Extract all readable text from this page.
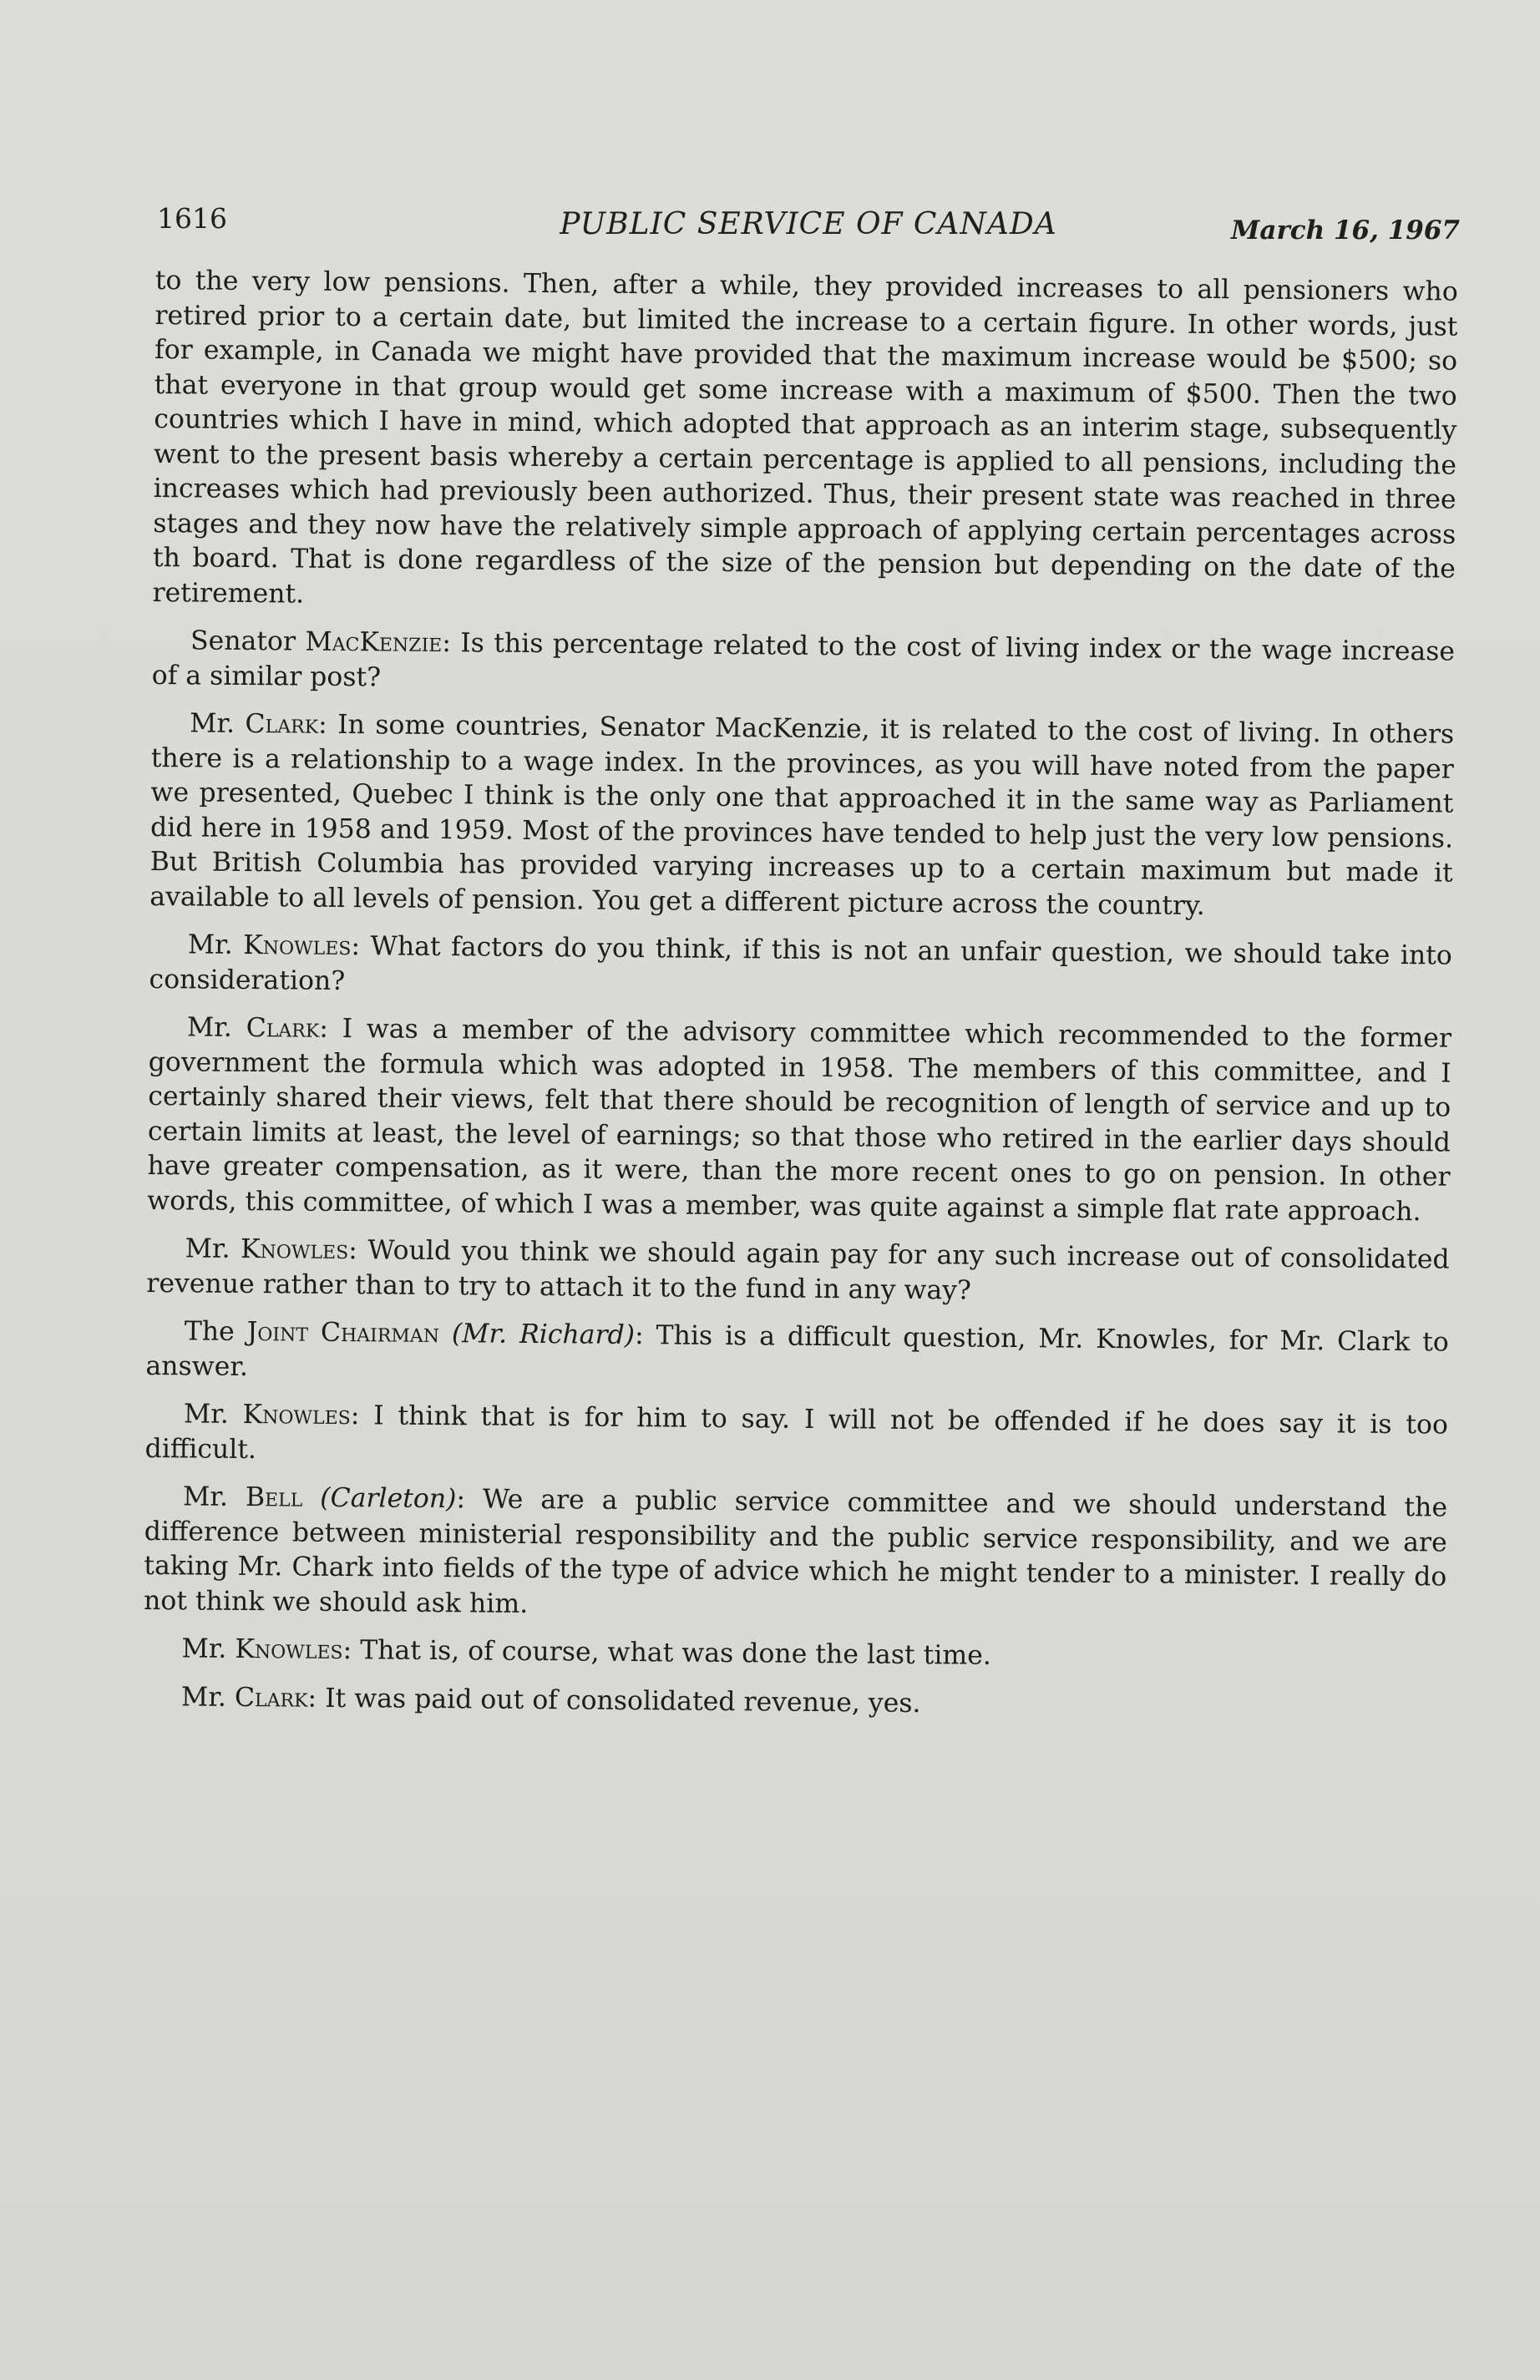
1616	PUBLIC SERVICE OF CANADA	March 16, 1967

to the very low pensions. Then, after a while, they provided increases to all pensioners who retired prior to a certain date, but limited the increase to a certain figure. In other words, just for example, in Canada we might have provided that the maximum increase would be $500; so that everyone in that group would get some increase with a maximum of $500. Then the two countries which I have in mind, which adopted that approach as an interim stage, subsequently went to the present basis whereby a certain percentage is applied to all pensions, including the increases which had previously been authorized. Thus, their present state was reached in three stages and they now have the relatively simple approach of applying certain percentages across th board. That is done regardless of the size of the pension but depending on the date of the retirement.

Senator MacKenzie: Is this percentage related to the cost of living index or the wage increase of a similar post?

Mr. Clark: In some countries, Senator MacKenzie, it is related to the cost of living. In others there is a relationship to a wage index. In the provinces, as you will have noted from the paper we presented, Quebec I think is the only one that approached it in the same way as Parliament did here in 1958 and 1959. Most of the provinces have tended to help just the very low pensions. But British Columbia has provided varying increases up to a certain maximum but made it available to all levels of pension. You get a different picture across the country.

Mr. Knowles: What factors do you think, if this is not an unfair question, we should take into consideration?

Mr. Clark: I was a member of the advisory committee which recommended to the former government the formula which was adopted in 1958. The members of this committee, and I certainly shared their views, felt that there should be recognition of length of service and up to certain limits at least, the level of earnings; so that those who retired in the earlier days should have greater compensation, as it were, than the more recent ones to go on pension. In other words, this committee, of which I was a member, was quite against a simple flat rate approach.

Mr. Knowles: Would you think we should again pay for any such increase out of consolidated revenue rather than to try to attach it to the fund in any way?

The Joint Chairman (Mr. Richard): This is a difficult question, Mr. Knowles, for Mr. Clark to answer.

Mr. Knowles: I think that is for him to say. I will not be offended if he does say it is too difficult.

Mr. Bell (Carleton): We are a public service committee and we should understand the difference between ministerial responsibility and the public service responsibility, and we are taking Mr. Chark into fields of the type of advice which he might tender to a minister. I really do not think we should ask him.

Mr. Knowles: That is, of course, what was done the last time.

Mr. Clark: It was paid out of consolidated revenue, yes.
